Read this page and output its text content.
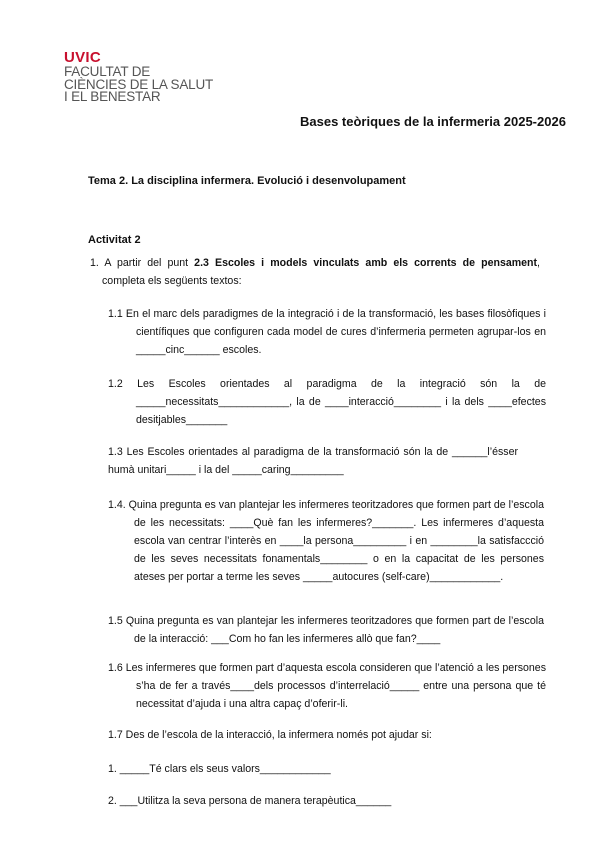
UVIC
FACULTAT DE
CIÈNCIES DE LA SALUT
I EL BENESTAR
Bases teòriques de la infermeria 2025-2026
Tema 2. La disciplina infermera. Evolució i desenvolupament
Activitat 2
1. A partir del punt 2.3 Escoles i models vinculats amb els corrents de pensament, completa els següents textos:
1.1 En el marc dels paradigmes de la integració i de la transformació, les bases filosòfiques i científiques que configuren cada model de cures d’infermeria permeten agrupar-los en _____cinc______ escoles.
1.2 Les Escoles orientades al paradigma de la integració són la de _____necessitats____________, la de ____interacció________ i la dels ____efectes desitjables_______
1.3 Les Escoles orientades al paradigma de la transformació són la de ______l’ésser humà unitari_____ i la del _____caring_________
1.4. Quina pregunta es van plantejar les infermeres teoritzadores que formen part de l’escola de les necessitats: ____Què fan les infermeres?_______. Les infermeres d’aquesta escola van centrar l’interès en ____la persona_________ i en ________la satisfaccció de les seves necessitats fonamentals________ o en la capacitat de les persones ateses per portar a terme les seves _____autocures (self-care)____________.
1.5 Quina pregunta es van plantejar les infermeres teoritzadores que formen part de l’escola de la interacció: ___Com ho fan les infermeres allò que fan?____
1.6 Les infermeres que formen part d’aquesta escola consideren que l’atenció a les persones s’ha de fer a través____dels processos d’interrelació_____ entre una persona que té necessitat d’ajuda i una altra capaç d’oferir-li.
1.7 Des de l’escola de la interacció, la infermera només pot ajudar si:
1. _____Té clars els seus valors____________
2. ___Utilitza la seva persona de manera terapèutica______
